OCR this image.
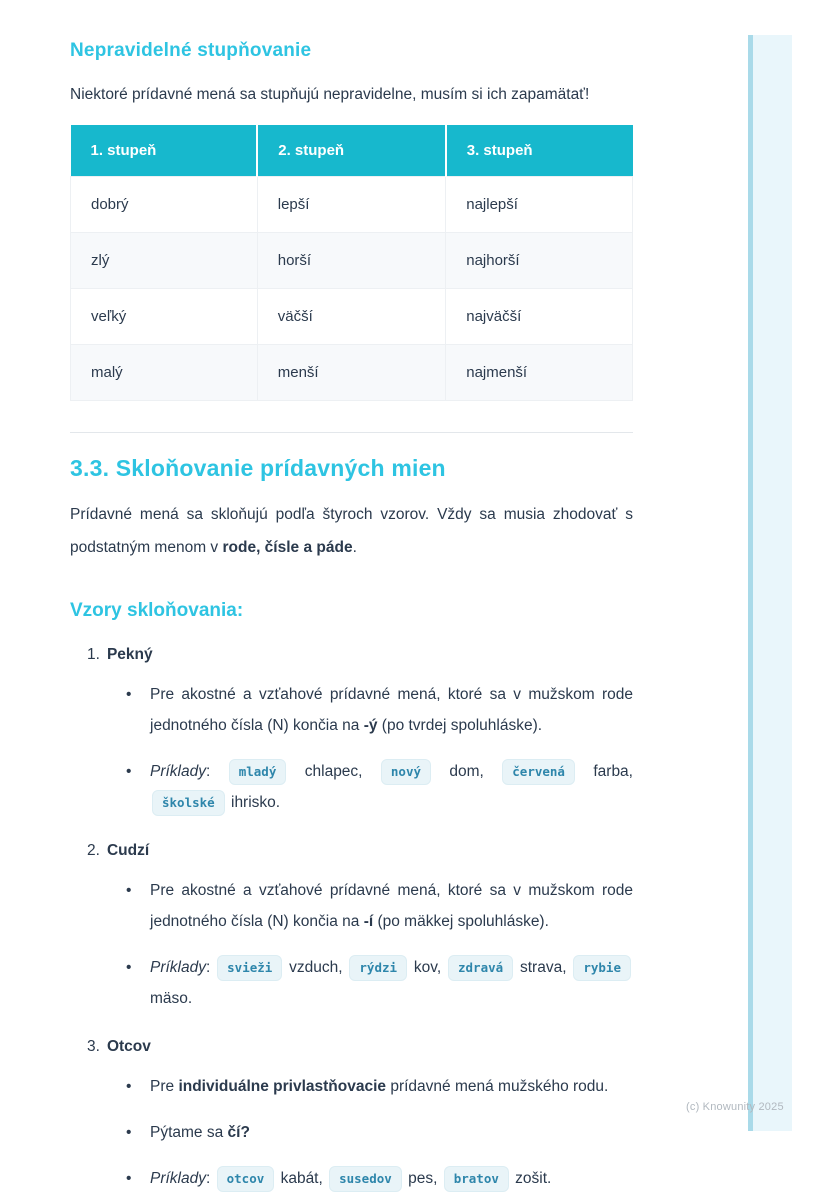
Nepravidelné stupňovanie

Niektoré prídavné mená sa stupňujú nepravidelne, musím si ich zapamätať!

1. stupeň	2. stupeň	3. stupeň
dobrý	lepší	najlepší
zlý	horší	najhorší
veľký	väčší	najväčší
malý	menší	najmenší
3.3. Skloňovanie prídavných mien

Prídavné mená sa skloňujú podľa štyroch vzorov. Vždy sa musia zhodovať s podstatným menom v rode, čísle a páde.

Vzory skloňovania:
1. Pekný
•	Pre akostné a vzťahové prídavné mená, ktoré sa v mužskom rode jednotného čísla (N) končia na -ý (po tvrdej spoluhláske).
•	Príklady: mladý chlapec, nový dom, červená farba, školské ihrisko.
2. Cudzí
•	Pre akostné a vzťahové prídavné mená, ktoré sa v mužskom rode jednotného čísla (N) končia na -í (po mäkkej spoluhláske).
•	Príklady: svieži vzduch, rýdzi kov, zdravá strava, rybie mäso.
3. Otcov
•	Pre individuálne privlastňovacie prídavné mená mužského rodu.
•	Pýtame sa čí?
•	Príklady: otcov kabát, susedov pes, bratov zošit.
(c) Knowunity 2025
